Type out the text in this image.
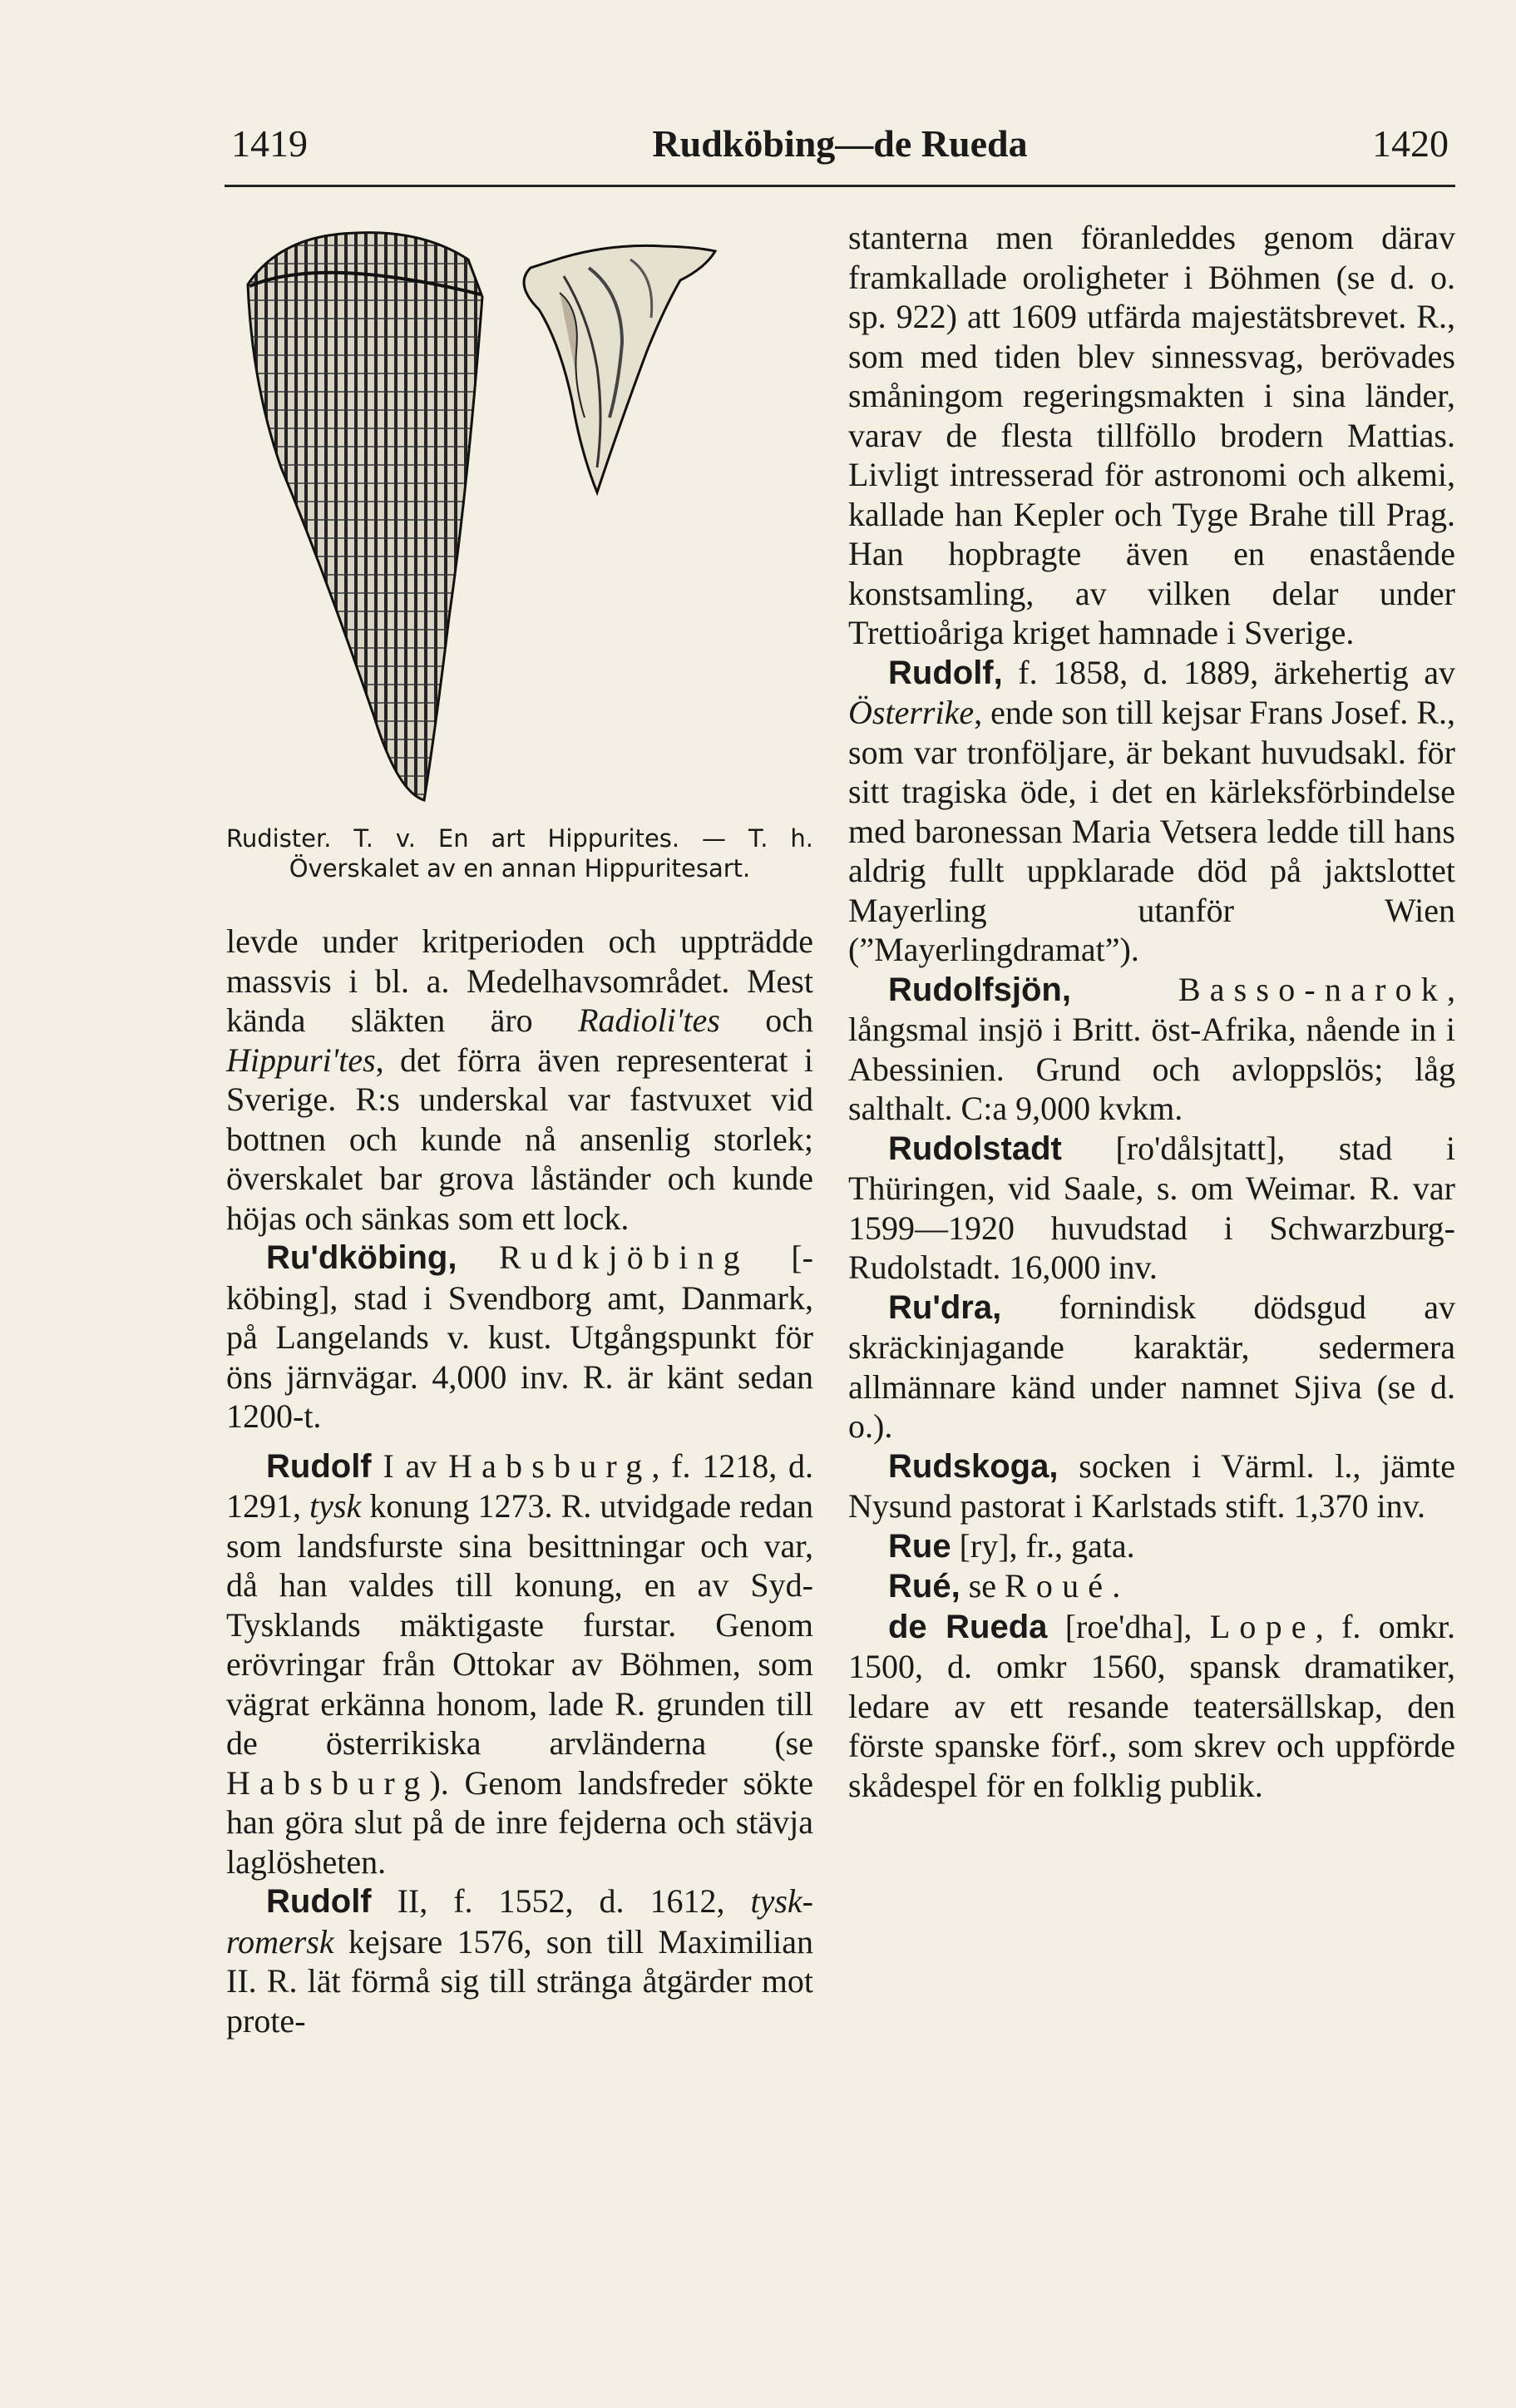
1419	Rudköbing—de Rueda	1420

Rudister. T. v. En art Hippurites. — T. h. Överskalet av en annan Hippuritesart.

levde under kritperioden och uppträdde massvis i bl. a. Medelhavsområdet. Mest kända släkten äro Radioli'tes och Hippuri'tes, det förra även representerat i Sverige. R:s underskal var fastvuxet vid bottnen och kunde nå ansenlig storlek; överskalet bar grova låständer och kunde höjas och sänkas som ett lock.

Ru'dköbing, Rudkjöbing [-köbing], stad i Svendborg amt, Danmark, på Langelands v. kust. Utgångspunkt för öns järnvägar. 4,000 inv. R. är känt sedan 1200-t.

Rudolf I av Habsburg, f. 1218, d. 1291, tysk konung 1273. R. utvidgade redan som landsfurste sina besittningar och var, då han valdes till konung, en av Syd-Tysklands mäktigaste furstar. Genom erövringar från Ottokar av Böhmen, som vägrat erkänna honom, lade R. grunden till de österrikiska arvländerna (se Habsburg). Genom landsfreder sökte han göra slut på de inre fejderna och stävja laglösheten.

Rudolf II, f. 1552, d. 1612, tysk-romersk kejsare 1576, son till Maximilian II. R. lät förmå sig till stränga åtgärder mot prote-

stanterna men föranleddes genom därav framkallade oroligheter i Böhmen (se d. o. sp. 922) att 1609 utfärda majestätsbrevet. R., som med tiden blev sinnessvag, berövades småningom regeringsmakten i sina länder, varav de flesta tillföllo brodern Mattias. Livligt intresserad för astronomi och alkemi, kallade han Kepler och Tyge Brahe till Prag. Han hopbragte även en enastående konstsamling, av vilken delar under Trettioåriga kriget hamnade i Sverige.

Rudolf, f. 1858, d. 1889, ärkehertig av Österrike, ende son till kejsar Frans Josef. R., som var tronföljare, är bekant huvudsakl. för sitt tragiska öde, i det en kärleksförbindelse med baronessan Maria Vetsera ledde till hans aldrig fullt uppklarade död på jaktslottet Mayerling utanför Wien (”Mayerlingdramat”).

Rudolfsjön,	Basso-narok, långsmal insjö i Britt. öst-Afrika, nående in i Abessinien. Grund och avloppslös; låg salthalt. C:a 9,000 kvkm.

Rudolstadt [ro'dålsjtatt], stad i Thüringen, vid Saale, s. om Weimar. R. var 1599—1920 huvudstad i Schwarzburg-Rudolstadt. 16,000 inv.

Ru'dra, fornindisk dödsgud av skräckinjagande karaktär, sedermera allmännare känd under namnet Sjiva (se d. o.).

Rudskoga, socken i Värml. l., jämte Nysund pastorat i Karlstads stift. 1,370 inv.

Rue [ry], fr., gata.

Rué, se Roué.

de Rueda [roe'dha], Lope, f. omkr. 1500, d. omkr 1560, spansk dramatiker, ledare av ett resande teatersällskap, den förste spanske förf., som skrev och uppförde skådespel för en folklig publik.
